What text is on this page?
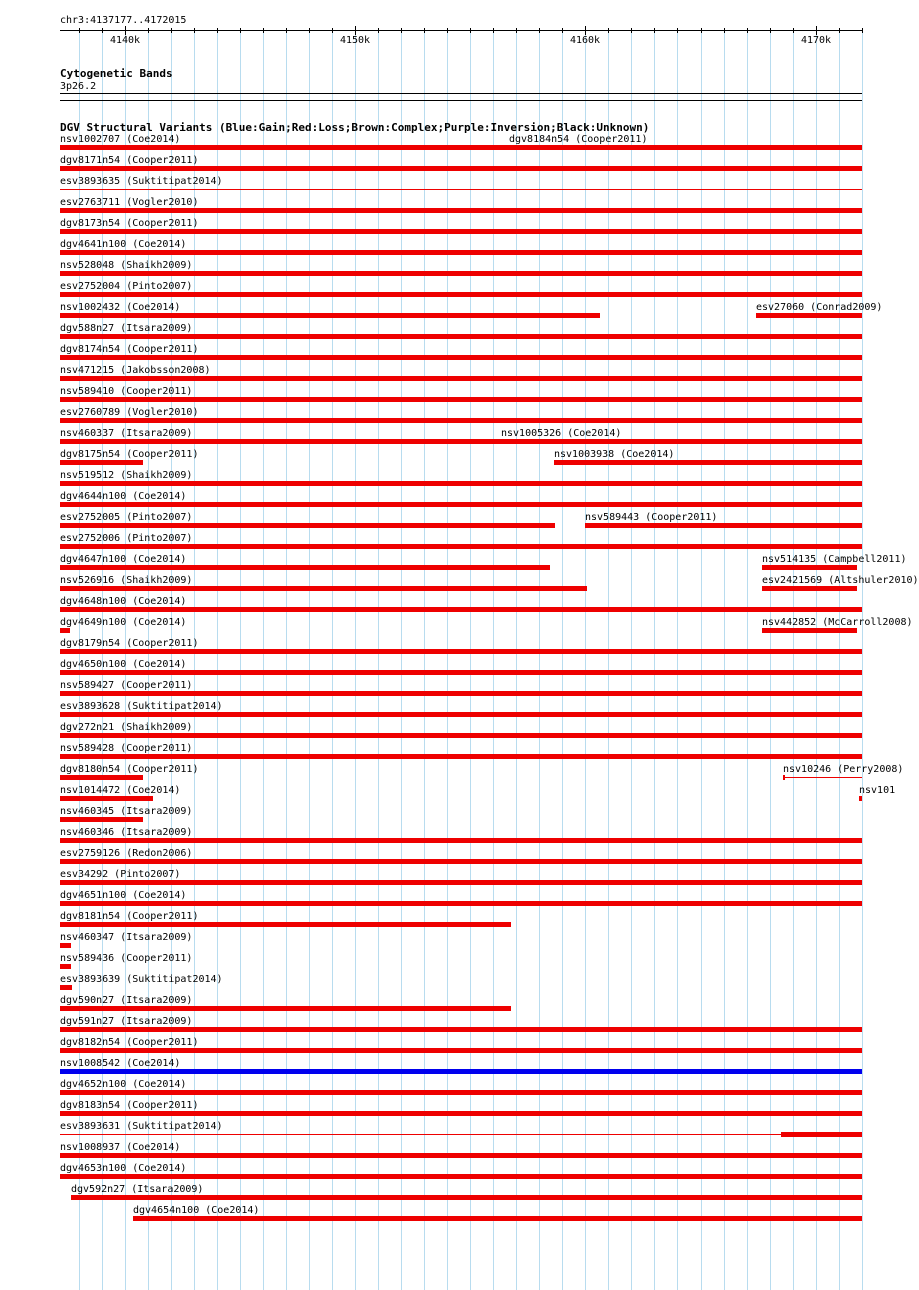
chr3:4137177..4172015
4140k	4150k	4160k	4170k
Cytogenetic Bands
3p26.2
DGV Structural Variants (Blue:Gain;Red:Loss;Brown:Complex;Purple:Inversion;Black:Unknown)
nsv1002707 (Coe2014)	dgv8184n54 (Cooper2011)
dgv8171n54 (Cooper2011)
esv3893635 (Suktitipat2014)
esv2763711 (Vogler2010)
dgv8173n54 (Cooper2011)
dgv4641n100 (Coe2014)
nsv528048 (Shaikh2009)
esv2752004 (Pinto2007)
nsv1002432 (Coe2014)	esv27060 (Conrad2009)
dgv588n27 (Itsara2009)
dgv8174n54 (Cooper2011)
nsv471215 (Jakobsson2008)
nsv589410 (Cooper2011)
esv2760789 (Vogler2010)
nsv460337 (Itsara2009)	nsv1005326 (Coe2014)
dgv8175n54 (Cooper2011)	nsv1003938 (Coe2014)
nsv519512 (Shaikh2009)
dgv4644n100 (Coe2014)
esv2752005 (Pinto2007)	nsv589443 (Cooper2011)
esv2752006 (Pinto2007)
dgv4647n100 (Coe2014)	nsv514135 (Campbell2011)
nsv526916 (Shaikh2009)	esv2421569 (Altshuler2010)
dgv4648n100 (Coe2014)
dgv4649n100 (Coe2014)	nsv442852 (McCarroll2008)
dgv8179n54 (Cooper2011)
dgv4650n100 (Coe2014)
nsv589427 (Cooper2011)
esv3893628 (Suktitipat2014)
dgv272n21 (Shaikh2009)
nsv589428 (Cooper2011)
dgv8180n54 (Cooper2011)	nsv10246 (Perry2008)
nsv1014472 (Coe2014)	nsv101
nsv460345 (Itsara2009)
nsv460346 (Itsara2009)
esv2759126 (Redon2006)
esv34292 (Pinto2007)
dgv4651n100 (Coe2014)
dgv8181n54 (Cooper2011)
nsv460347 (Itsara2009)
nsv589436 (Cooper2011)
esv3893639 (Suktitipat2014)
dgv590n27 (Itsara2009)
dgv591n27 (Itsara2009)
dgv8182n54 (Cooper2011)
nsv1008542 (Coe2014)
dgv4652n100 (Coe2014)
dgv8183n54 (Cooper2011)
esv3893631 (Suktitipat2014)
nsv1008937 (Coe2014)
dgv4653n100 (Coe2014)
dgv592n27 (Itsara2009)
dgv4654n100 (Coe2014)
